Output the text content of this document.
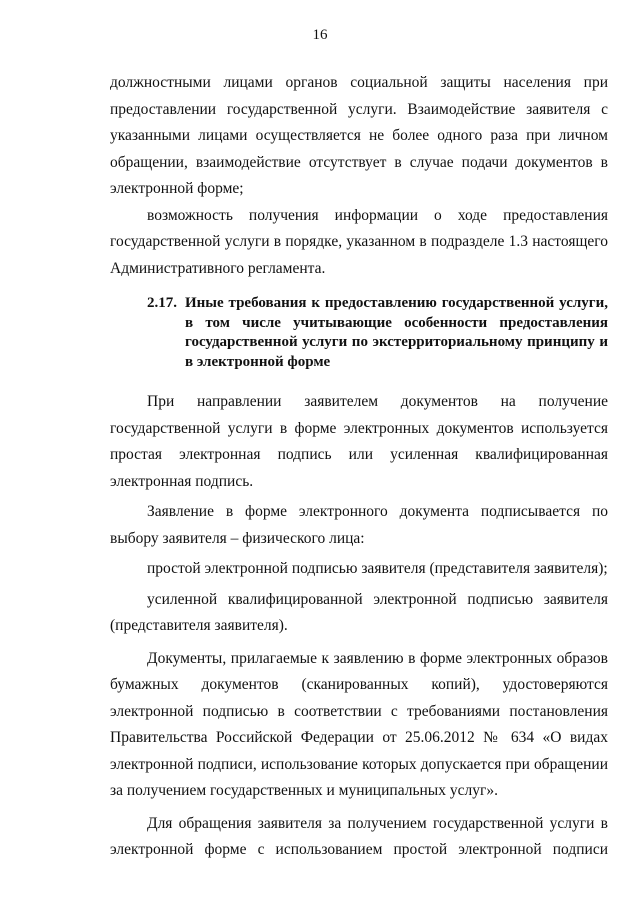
16

должностными лицами органов социальной защиты населения при предоставлении государственной услуги. Взаимодействие заявителя с указанными лицами осуществляется не более одного раза при личном обращении, взаимодействие отсутствует в случае подачи документов в электронной форме;

возможность получения информации о ходе предоставления государственной услуги в порядке, указанном в подразделе 1.3 настоящего Административного регламента.

2.17. Иные требования к предоставлению государственной услуги, в том числе учитывающие особенности предоставления государственной услуги по экстерриториальному принципу и в электронной форме

При направлении заявителем документов на получение государственной услуги в форме электронных документов используется простая электронная подпись или усиленная квалифицированная электронная подпись.

Заявление в форме электронного документа подписывается по выбору заявителя – физического лица:

простой электронной подписью заявителя (представителя заявителя);

усиленной квалифицированной электронной подписью заявителя (представителя заявителя).

Документы, прилагаемые к заявлению в форме электронных образов бумажных документов (сканированных копий), удостоверяются электронной подписью в соответствии с требованиями постановления Правительства Российской Федерации от 25.06.2012 № 634 «О видах электронной подписи, использование которых допускается при обращении за получением государственных и муниципальных услуг».

Для обращения заявителя за получением государственной услуги в электронной форме с использованием простой электронной подписи
